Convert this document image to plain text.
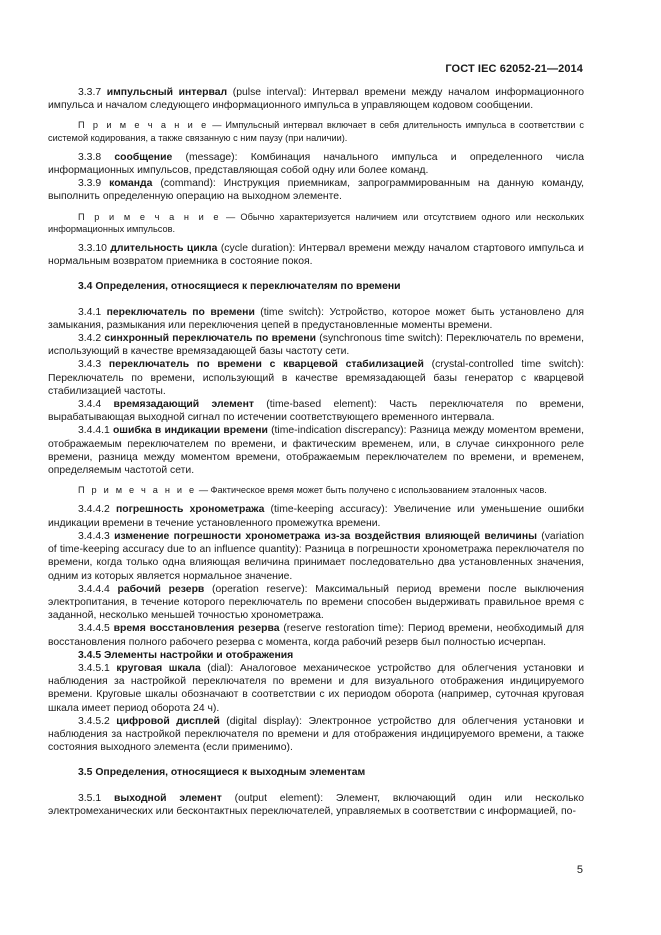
ГОСТ IEC 62052-21—2014

3.3.7 импульсный интервал (pulse interval): Интервал времени между началом информационного импульса и началом следующего информационного импульса в управляющем кодовом сообщении.

П р и м е ч а н и е — Импульсный интервал включает в себя длительность импульса в соответствии с системой кодирования, а также связанную с ним паузу (при наличии).

3.3.8 сообщение (message): Комбинация начального импульса и определенного числа информационных импульсов, представляющая собой одну или более команд.

3.3.9 команда (command): Инструкция приемникам, запрограммированным на данную команду, выполнить определенную операцию на выходном элементе.

П р и м е ч а н и е — Обычно характеризуется наличием или отсутствием одного или нескольких информационных импульсов.

3.3.10 длительность цикла (cycle duration): Интервал времени между началом стартового импульса и нормальным возвратом приемника в состояние покоя.

3.4 Определения, относящиеся к переключателям по времени

3.4.1 переключатель по времени (time switch): Устройство, которое может быть установлено для замыкания, размыкания или переключения цепей в предустановленные моменты времени.

3.4.2 синхронный переключатель по времени (synchronous time switch): Переключатель по времени, использующий в качестве времязадающей базы частоту сети.

3.4.3 переключатель по времени с кварцевой стабилизацией (crystal-controlled time switch): Переключатель по времени, использующий в качестве времязадающей базы генератор с кварцевой стабилизацией частоты.

3.4.4 времязадающий элемент (time-based element): Часть переключателя по времени, вырабатывающая выходной сигнал по истечении соответствующего временного интервала.

3.4.4.1 ошибка в индикации времени (time-indication discrepancy): Разница между моментом времени, отображаемым переключателем по времени, и фактическим временем, или, в случае синхронного реле времени, разница между моментом времени, отображаемым переключателем по времени, и временем, определяемым частотой сети.

П р и м е ч а н и е — Фактическое время может быть получено с использованием эталонных часов.

3.4.4.2 погрешность хронометража (time-keeping accuracy): Увеличение или уменьшение ошибки индикации времени в течение установленного промежутка времени.

3.4.4.3 изменение погрешности хронометража из-за воздействия влияющей величины (variation of time-keeping accuracy due to an influence quantity): Разница в погрешности хронометража переключателя по времени, когда только одна влияющая величина принимает последовательно два установленных значения, одним из которых является нормальное значение.

3.4.4.4 рабочий резерв (operation reserve): Максимальный период времени после выключения электропитания, в течение которого переключатель по времени способен выдерживать правильное время с заданной, несколько меньшей точностью хронометража.

3.4.4.5 время восстановления резерва (reserve restoration time): Период времени, необходимый для восстановления полного рабочего резерва с момента, когда рабочий резерв был полностью исчерпан.

3.4.5 Элементы настройки и отображения

3.4.5.1 круговая шкала (dial): Аналоговое механическое устройство для облегчения установки и наблюдения за настройкой переключателя по времени и для визуального отображения индицируемого времени. Круговые шкалы обозначают в соответствии с их периодом оборота (например, суточная круговая шкала имеет период оборота 24 ч).

3.4.5.2 цифровой дисплей (digital display): Электронное устройство для облегчения установки и наблюдения за настройкой переключателя по времени и для отображения индицируемого времени, а также состояния выходного элемента (если применимо).

3.5 Определения, относящиеся к выходным элементам

3.5.1 выходной элемент (output element): Элемент, включающий один или несколько электромеханических или бесконтактных переключателей, управляемых в соответствии с информацией, по-

5
